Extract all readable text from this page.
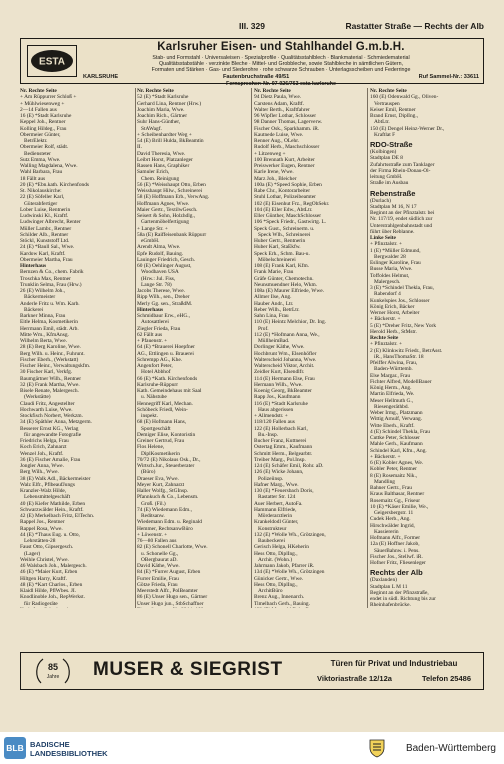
III. 329	Rastatter Straße — Rechts der Alb
ESTA
Karlsruher Eisen- und Stahlhandel G.m.b.H.
Stab- und Formstahl · Universaleisen · Spezialprofile · Qualitätsstahlblech · Blankmaterial · Schmiedematerial
Qualitätsstabstähle · verzinkte Bleche · Mittel- und Grobbleche, sowie Stahlbleche in sämtlichen Gütern,
Formaten und Stärken · Gas- und Siederohre · rohe schwarze Schrauben · Unterlagsscheiben und Federringe
KARLSRUHE	Fautenbruchstraße 49/51	Ruf Sammel-Nr.: 33611
Fernsprecher: Nr. 97-926/763 esta karlsruhe
Nr. Rechte Seite
+ Am Rüppurrer Schloß +
+ Mühlwiesenweg +
2—14 Fallen aus
16 (E) *Stadt Karlsruhe
Keppel Joh., Rentner
Kolling Hildeg., Frau
Obermeier Günter,
BetrElektr.
Obermeier Rolf, städt.
Bediensteter
Sutz Emma, Wwe.
Walling Magdalena, Wwe.
Wahl Barbara, Frau
18 Fällt aus
20 (E) *Ebn.kath. Kirchenfonds
St. Nikolauskirche:
22 (E) Söfeller Karl,
Güterabfertiger
Lober Luise, Rentnerin
Ludwinski Kl., Kraftf.
Ludwinger Albrecht, Renter
Müller Lambr., Rentner
Schilder Alb., Rentner
Stöckl, Kunststoff Ltd.
24 (E) *Baull Sal., Wwe.
Kardow Karl, Kraftf.
Obermeier Martha, Frau
Hinterhaus
Bernzen & Co., chem. Fabrik
Troschka Max, Rentner
Trunklin Selma, Frau (Hrw.)
26 (E) Wilhelm Joh.,
Bäckermeister
Anderle Fritz u. Wm. Karb.
Bäckerei
Barkner Minna, Frau
Eitle Helma, Kosmetikerin
Herrmann Emil, städt. Arb.
Mitte Wm., KfmAnsg.
Wilhelm Berta, Wwe.
28 (E) Berg Karoline, Wwe.
Berg Wilh. u. Heinr., Fuhrunt.
Fischer Eberh., (Werkstatt)
Fischer Heinr., Verwaltungskfm.
30 Fischer Karl, Verkfg.
Baumgärtner Wilh., Rentner
32 (E) Frank Martha, Wwe.
Bisele Renate, Malergesch.
(Werkstätte)
Claudi Fritz, Angestellter
Hochwarth Luise, Wwe.
Stockfisch Norbert, Werkzm.
34 (E) Späthler Anna, Metzgerm.
Besserer Ernst KG., Verlag
für angewandte Fotografie
Friedrichs Helga, Frau
Koch Erich, Zahnarzt
Wenzel Joh., Kraftf.
36 (E) Fischer Amalie, Frau
Jongler Anna, Wwe.
Berg Wilh., Wwe.
38 (E) Walk Adl., Bäckermeister
Walz Elfr., PflbeaufJungs
Kranzler-Walz Hilde,
Lebensmittelgeschäft
40 (E) Kiefer Mathilde, Erben
Schwarzwälder Hein., Kraftf.
42 (E) Merkelbach Fritz, ElTechn.
Rappel Jos., Rentner
Rappel Rosa, Wwe.
44 (E) *Thaus Eug. u. Otto,
Lehrstätten-28
Faust Otto, Gipsergesch.
(Lager)
Weihle Christel, Wwe.
46 Walsbach Joh., Malergesch.
46 (E) *Maier Kurt, Erben
Hiltgen Harry, Kraftf.
48 (E) *Kart Charlos., Erben
Klaidl Hilde, PflWbes. JI.
Knodlinoble Joh., RepWerkst.
für Radiogeräte
Nr. Rechte Seite
52 (E) *Stadt Karlsruhe
Gerhard Lina, Rentner (Hrw.)
Joachim Maria, Wwe.
Joachim Rich., Gärtner
Suhr Hans-Günther,
StAWagf.
+ Scheibenhardter Weg +
54 (E) Brill Hulda, BkBeamtin
II.
David Theresia, Wwe.
Leibrt Horst, Platzanleger
Rassen Hans, Graphiker
Samuler Erich,
Chem. Reinigung
56 (E) *Weisshaupt Otto, Erben
Weisshaupt Hilw., Schreinerei
58 (E) Hoffmann Erb., VerwAng.
Hoffmann Agnes, Wwe.
Maier Gertr., TextilwGesch.
Seisert & Sohn, Holzhdlg.,
Gartenmöbelfertigung
+ Lange Str. +
58a (E) Raiffeisenbank Rüppurr
eGmbH.
Arendt Alma, Wwe.
Epfe Rudolf, Bauing.
Lauinger Friedrich, Gesch.
60 (E) Oehlinger August,
Woodhaven USA
(Hrw.: Jul. Fiss,
Lange Str. 78)
Jacobs Therese, Wwe.
Ripp Wilh., sen., Dreher
Merly Gg. sen., StraßdM.
Hinterhaus
Schmidbaur Erw., eHG.,
Autosattlerei
Ziegler Frieda, Frau
62 Fällt aus
+ Pfauenstr. +
64 (E) *Brauerei Hoepfner
AG., Ettlingen u. Brauerei
Schrempp AG., Khe.
Angenfort Peter,
Hotel Abbhof
66 (E) *Kath. Kirchenfonds
Karlsruhe-Rüppurr
Kath. Gemeindehaus mit Saal
u. Nähstube
Hennegriff Karl, Mechan.
Schöbeck Friedl, Wein-
inspekt.
68 (E) Hofmann Hans,
Sportgeschäft
Demiger Elise, Kontoristin
Greiner Gertrud, Frau
Flos Helene,
DiplKosmetikerin
70/72 (E) Nikolaus Osk., Dr.,
Wirtsch.Jur., Steuerberater
(Büro)
Draeser Eva, Wwe.
Meyer Kurt, Zahnarzt
Haller Wolfg., StGInsp.
Pfannkuch & Co., Lebensm.
Groß. (Fil.)
74 (E) Wiedemann Edm.,
Reditsanw.
Wiedemann Edm. u. Reginald
Hemmer, RechtsanwBüro
+ Löwenstr. +
76—80 Fallen aus
82 (E) Schonell Charlotte, Wwe.
u. Schonelle Gg.,
OBergbaurat aD.
David Käthe, Wwe.
84 (E) *Furrer August, Erben
Furrer Emilie, Frau
Götze Frieda, Frau
Meerstedt Alfr., PolBeamter
86 (E) Unser Hugo sen., Gärtner
Unser Hugo jun., StbSchaffner
Nr. Rechte Seite
94 Dietz Paula, Wwe.
Carstens Adam, Kraftf.
Walter Berth., Kraftfahrer
96 Wipfler Lothar, Schlosser
98 Danner Thomas, Lagerverw.
Fischer Osk., Sparkhamm. iR.
Kautnede Luise, Wwe.
Renner Aug., OLehr.
Rudolf Herb., Maschschlosser
+ Litzenweg +
100 Brennath Kurt, Arbeiter
Preiswerker Eugen, Rentner
Karle Irene, Wwe.
Marz Joh., Bleicher
100a (E) *Speed Sophie, Erben
Rabe Chr., Kontorarbeiter
Stuhl Lothar, Polizeibeamter
102 (E) Eisenhut Frz., RegObSekr.
104 (E) Eller Edw., AbtLtr.
Eller Günther, MaschSchlosser
106 *Speck Friedr., Gastwirtg. L.
Speck Gust., Schreinerm. u.
Speck Wlh., Schreinerei
Huber Gertr., Rentnerin
Huber Karl, StaEkfw.
Speck Erh., Schm. Bau-u.
Möbelschreinerei
108 (E) Frank Karl, Kfm.
Frank Marie, Frau
Gräfe Günter, Chemotechn.
Neunsmuendner Helo, Wkm.
108a (E) Maurer Elfriede, Wwe.
Allmer Ilse, Ang.
Hauber Andr., Ltr.
Reber Wilh., BetrLtr.
Sahn Lina, Frau
110 (E) Heintz Melchior, Dr. Ing.
Prof.
112 (E) *Hofmann Anna, We.,
MüllheimBad.
Dorlinger Käthe, Wwe.
Hochbrunt Wm., Elsenhöfler
Walterscheid Johanna, Wwe.
Walterscheid Viktor, Archit.
Zeidler Kurt, Elsendlfr.
114 (E) Hermann Else, Frau
Hermann Wilh., Wwe.
Koenig Georg, BkBeamter
Rapp Jos., Kaufmann
116 (E) *Stadt Karlsruhe
Haus abgerissen
+ Allmendstr. +
118/120 Fallen aus
122 (E) Hollerbach Karl,
Bu.-Insp.
Bucher Franz, Kuttnerei
Ostertag Emm., Kaufmann
Schmitt Herm., Belgearbtr.
Treiber Marg., Pol.Insp.
124 (E) Schäfer Emil, Rohr. aD.
126 (E) Wicke Johann,
Polizeiinsp.
Hafner Marg., Wwe.
130 (E) *Feuersbach Doris,
Rastatter Str. 124
Auer Herbert, AutoFa.
Hammann Elfriede,
Mörderarztlerin
Krankeldodl Günter,
Konstrukteur
132 (E) *Wolle Wh., Grötzingen,
Baubeckerei
Gerisch Helga, HKeherin
Hess Otto, DiplIng.,
Archit. (Wohn.)
Jahrmann Jakob, Pfarrer iR.
134 (E) *Wolle Wh., Grötzingen
Günicker Gertr., Wwe.
Hess Otto, DiplIng.,
ArchitBüro
Brenz Aug., Innenarch.
Timelbach Gerh., Bauing.
Nr. Rechte Seite
160 (E) Odenwald Gg., Oliven-
Vertrauspen
Keiser Emil, Rentner
Brand Ernst, DiplIng.,
AbtLtr.
150 (E) Dengel Heinz-Werner Dr.,
Kraftlat F
RDO-Straße
(Kolbingen)
Stadtplan DE 8
Zufahrtsstraße zum Tanklager
der Firma Rhein-Donau-Öl-
leitung GmbH.
Straße im Ausbau
Rebenstraße
(Durlach)
Stadtplan M 16, N 17
Beginnt an der Pfinztalstr. bei
Nr. 117/19, endet südlich zur
Unterstrahlgenbahnstadt und
führt über Reblanne.
Linke Seite
+ Pfinztalstr. +
1 (E) *Müller Edmund,
Bergwalder 28
Eslinger Karoline, Frau
Busse Maria, Wwe.
Toffoldes Helmut,
Malergesch.
3 (E) *Schindel Thekla, Frau,
Rabendorf 4
Kunkelspies Jos., Schlosser
König Erich, Bäcker
Werner Horst, Arbeiter
+ Bäckerstr. +
5 (E) *Dreher Fritz, New York
Herold Herb., StMstr.
Rechte Seite
+ Pfinztalstr. +
2 (E) Klinkwitz Friedr., BetrAsst.
iR., HansThomaStr. 18
Pfeiffer Alwina, Frau,
Baden-Württemb.
Else Margar., Frau
Fichter Alfred, ModellBauer
König Herm., Ang.
Martin Elfrieda, We.
Meser Hellmuth G.,
Riesengeräthbd.
Weber Irmg., Platzmann
Wittig Arnulf, Verwang.
Witte Eberh., Kraftf.
4 (E) Schindel Thekla, Frau
Cuttke Peter, Schlosser
Mahle Gerh., Kaufmann
Schindel Karl, Kfm., Ang.
+ Bäckerstr. +
6 (E) Kobler Agnes, We.
Kobler Peter, Rentner
8 (E) Rosemaitz Nik.,
Mandling
Bahner Gertr., Frau
Kraus Balthasar, Rentner
Rosemaitz Gg., Friseur
10 (E) *Käser Emilie, We.,
Geigersbergstr. 11
Cudek Herb., Ang.
Hirschwälder Ingrid,
Kassiererin
Hofmann Alfr., Former
12a (E) Hoffner Jakob,
SäuerBahnw. i. Pens.
Fischer Jos., Stellwf. iR.
Hofner Fritz, Fliesenleger
Rechts der Alb
(Daxlanden)
Stadtplan L M 11
Beginnt an der Pfinzstraße,
endet in südl. Richtung bis zur
Rheinhafenbrücke.
85
Jahre MUSER & SIEGRIST	Türen für Privat und Industriebau
Viktoriastraße 12/12a	Telefon 25486
BLB BADISCHE
LANDESBIBLIOTHEK	Baden-Württemberg
